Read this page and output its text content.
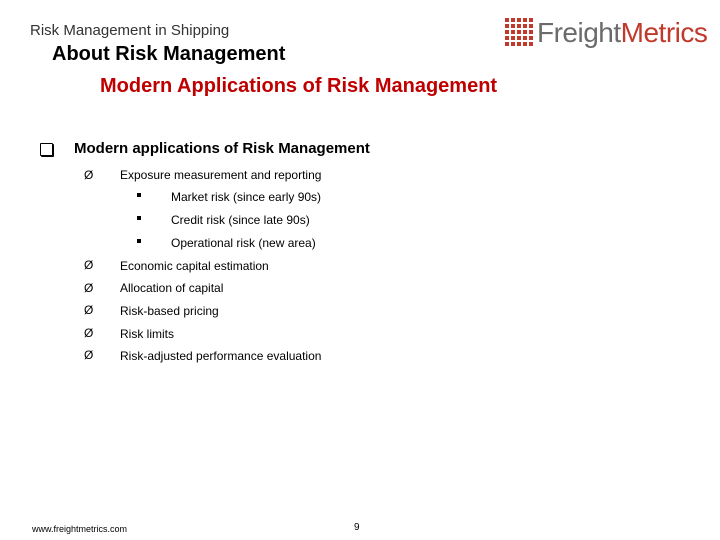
Risk Management in Shipping	FreightMetrics
About Risk Management
Modern Applications of Risk Management
Modern applications of Risk Management
Ø Exposure measurement and reporting
Market risk (since early 90s)
Credit risk (since late 90s)
Operational risk (new area)
Ø Economic capital estimation
Ø Allocation of capital
Ø Risk-based pricing
Ø Risk limits
Ø Risk-adjusted performance evaluation
www.freightmetrics.com	9
